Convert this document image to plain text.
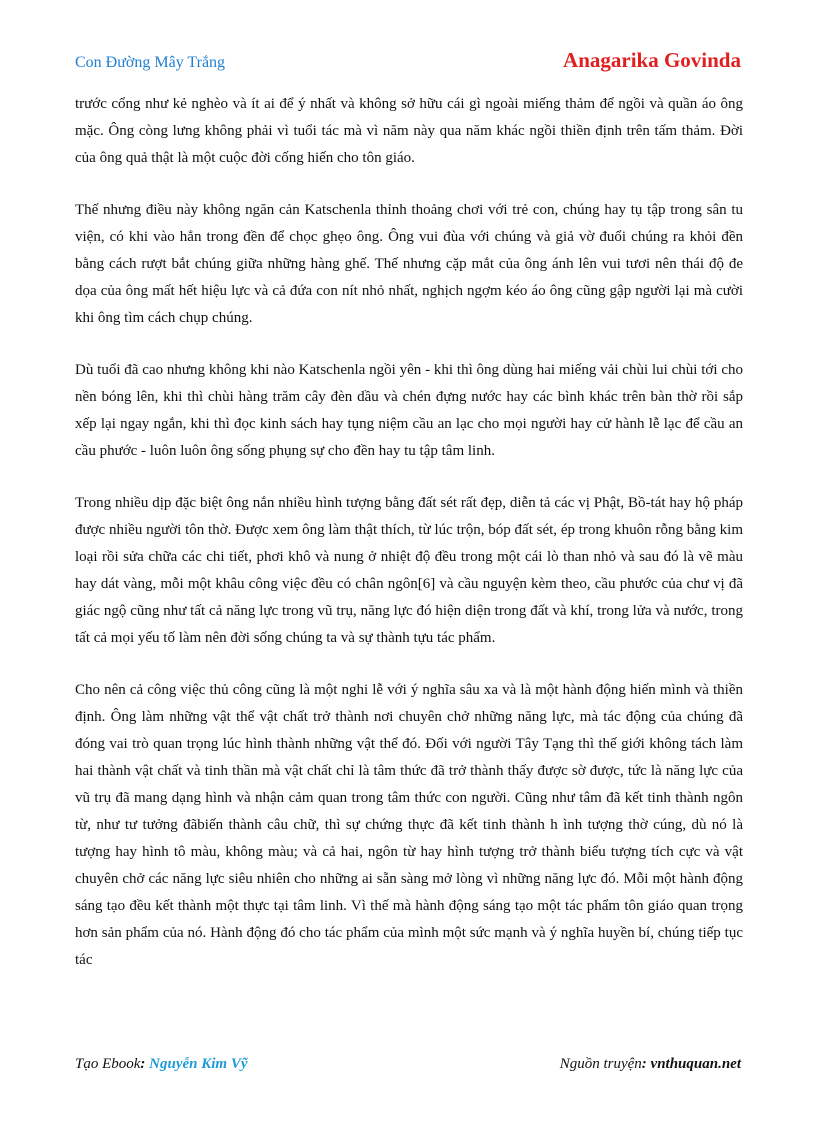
Con Đường Mây Trắng	Anagarika Govinda

trước cổng như kẻ nghèo và ít ai để ý nhất và không sở hữu cái gì ngoài miếng thảm để ngồi và quần áo ông mặc. Ông còng lưng không phải vì tuổi tác mà vì năm này qua năm khác ngồi thiền định trên tấm thảm. Đời của ông quả thật là một cuộc đời cống hiến cho tôn giáo.

Thế nhưng điều này không ngăn cản Katschenla thỉnh thoảng chơi với trẻ con, chúng hay tụ tập trong sân tu viện, có khi vào hẳn trong đền để chọc ghẹo ông. Ông vui đùa với chúng và giả vờ đuổi chúng ra khỏi đền bằng cách rượt bắt chúng giữa những hàng ghế. Thế nhưng cặp mắt của ông ánh lên vui tươi nên thái độ đe dọa của ông mất hết hiệu lực và cả đứa con nít nhỏ nhất, nghịch ngợm kéo áo ông cũng gập người lại mà cười khi ông tìm cách chụp chúng.

Dù tuổi đã cao nhưng không khi nào Katschenla ngồi yên - khi thì ông dùng hai miếng vải chùi lui chùi tới cho nền bóng lên, khi thì chùi hàng trăm cây đèn dầu và chén đựng nước hay các bình khác trên bàn thờ rồi sắp xếp lại ngay ngắn, khi thì đọc kinh sách hay tụng niệm cầu an lạc cho mọi người hay cử hành lễ lạc để cầu an cầu phước - luôn luôn ông sống phụng sự cho đền hay tu tập tâm linh.

Trong nhiều dịp đặc biệt ông nắn nhiều hình tượng bằng đất sét rất đẹp, diễn tả các vị Phật, Bồ-tát hay hộ pháp được nhiều người tôn thờ. Được xem ông làm thật thích, từ lúc trộn, bóp đất sét, ép trong khuôn rỗng bằng kim loại rồi sửa chữa các chi tiết, phơi khô và nung ở nhiệt độ đều trong một cái lò than nhỏ và sau đó là vẽ màu hay dát vàng, mỗi một khâu công việc đều có chân ngôn[6] và cầu nguyện kèm theo, cầu phước của chư vị đã giác ngộ cũng như tất cả năng lực trong vũ trụ, năng lực đó hiện diện trong đất và khí, trong lửa và nước, trong tất cả mọi yếu tố làm nên đời sống chúng ta và sự thành tựu tác phẩm.

Cho nên cả công việc thủ công cũng là một nghi lễ với ý nghĩa sâu xa và là một hành động hiến mình và thiền định. Ông làm những vật thể vật chất trở thành nơi chuyên chở những năng lực, mà tác động của chúng đã đóng vai trò quan trọng lúc hình thành những vật thể đó. Đối với người Tây Tạng thì thế giới không tách làm hai thành vật chất và tinh thần mà vật chất chỉ là tâm thức đã trở thành thấy được sờ được, tức là năng lực của vũ trụ đã mang dạng hình và nhận cảm quan trong tâm thức con người. Cũng như tâm đã kết tinh thành ngôn từ, như tư tưởng đãbiến thành câu chữ, thì sự chứng thực đã kết tinh thành h ình tượng thờ cúng, dù nó là tượng hay hình tô màu, không màu; và cả hai, ngôn từ hay hình tượng trở thành biểu tượng tích cực và vật chuyên chở các năng lực siêu nhiên cho những ai sẵn sàng mở lòng vì những năng lực đó. Mỗi một hành động sáng tạo đều kết thành một thực tại tâm linh. Vì thế mà hành động sáng tạo một tác phẩm tôn giáo quan trọng hơn sản phẩm của nó. Hành động đó cho tác phẩm của mình một sức mạnh và ý nghĩa huyền bí, chúng tiếp tục tác

Tạo Ebook: Nguyễn Kim Vỹ	Nguồn truyện: vnthuquan.net
